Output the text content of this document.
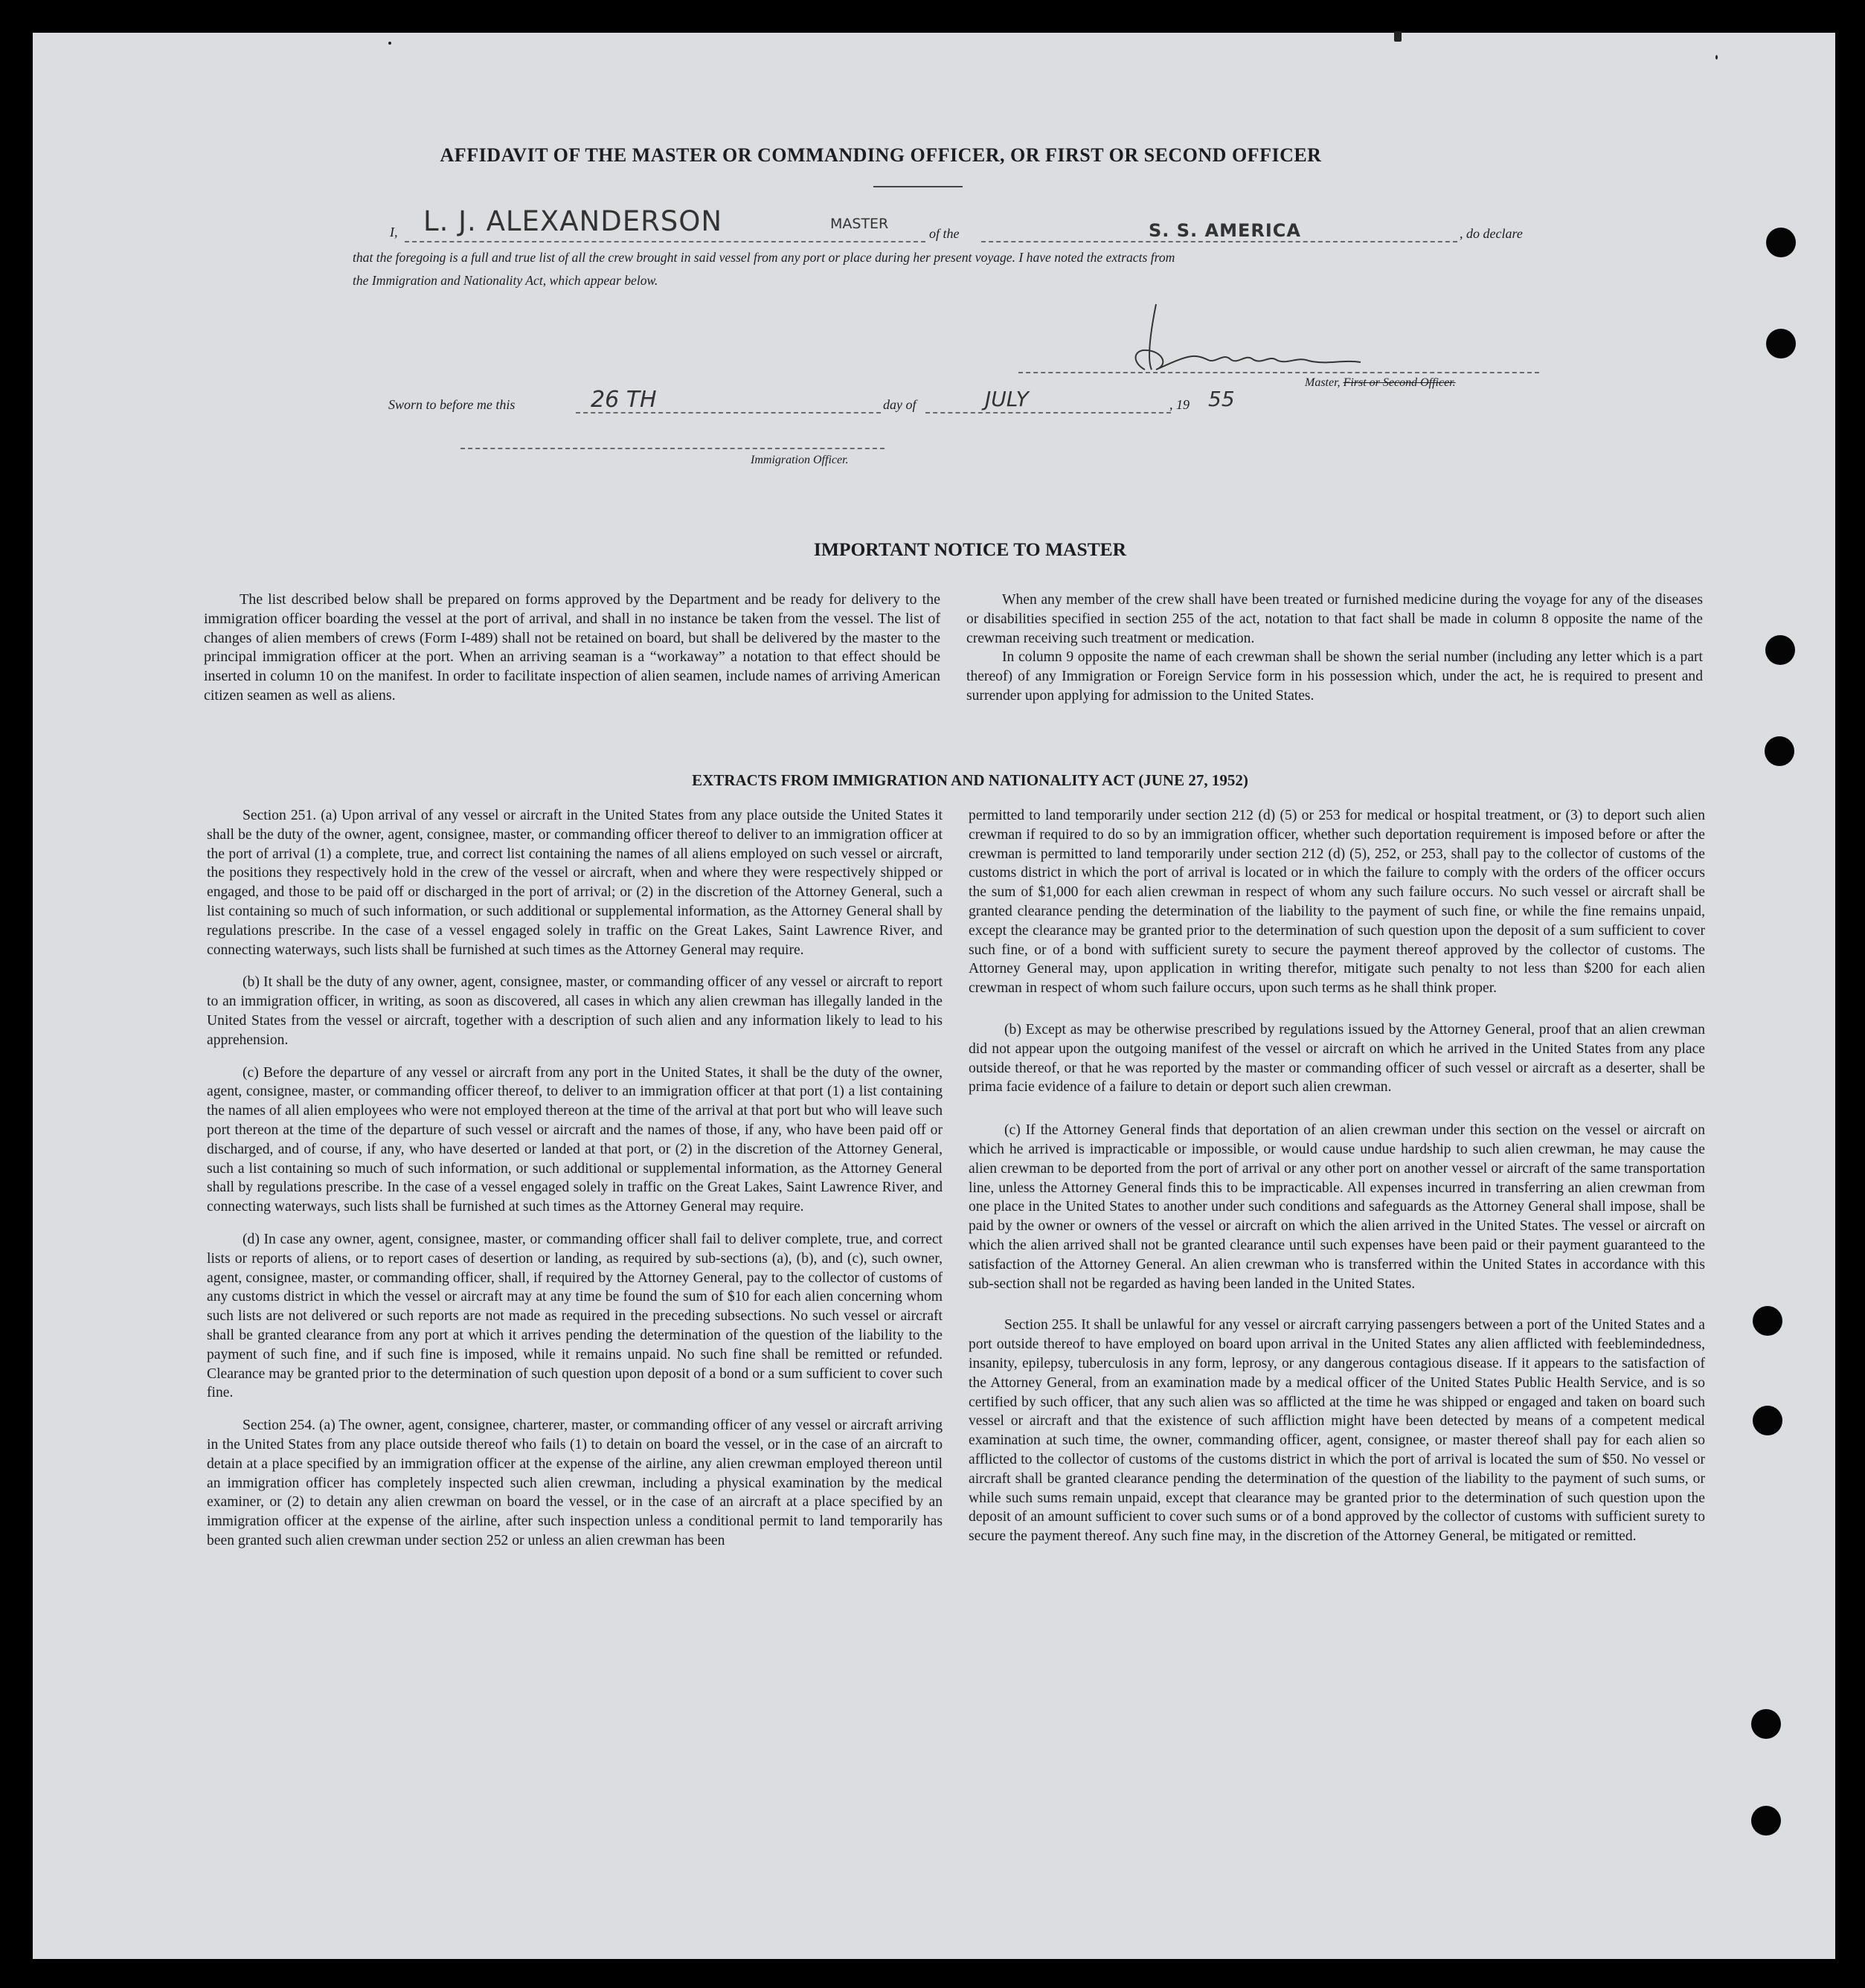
AFFIDAVIT OF THE MASTER OR COMMANDING OFFICER, OR FIRST OR SECOND OFFICER
I, L. J. ALEXANDERSON	MASTER
of the	S. S. AMERICA	, do declare
that the foregoing is a full and true list of all the crew brought in said vessel from any port or place during her present voyage. I have noted the extracts from
the Immigration and Nationality Act, which appear below.
Master, First or Second Officer.
Sworn to before me this	26 TH	day of	JULY	, 19 55
Immigration Officer.
IMPORTANT NOTICE TO MASTER

The list described below shall be prepared on forms approved by the Department and be ready for delivery to the immigration officer boarding the vessel at the port of arrival, and shall in no instance be taken from the vessel. The list of changes of alien members of crews (Form I-489) shall not be retained on board, but shall be delivered by the master to the principal immigration officer at the port. When an arriving seaman is a “workaway” a notation to that effect should be inserted in column 10 on the manifest. In order to facilitate inspection of alien seamen, include names of arriving American citizen seamen as well as aliens.

When any member of the crew shall have been treated or furnished medicine during the voyage for any of the diseases or disabilities specified in section 255 of the act, notation to that fact shall be made in column 8 opposite the name of the crewman receiving such treatment or medication.

In column 9 opposite the name of each crewman shall be shown the serial number (including any letter which is a part thereof) of any Immigration or Foreign Service form in his possession which, under the act, he is required to present and surrender upon applying for admission to the United States.

EXTRACTS FROM IMMIGRATION AND NATIONALITY ACT (JUNE 27, 1952)

Section 251. (a) Upon arrival of any vessel or aircraft in the United States from any place outside the United States it shall be the duty of the owner, agent, consignee, master, or commanding officer thereof to deliver to an immigration officer at the port of arrival (1) a complete, true, and correct list containing the names of all aliens employed on such vessel or aircraft, the positions they respectively hold in the crew of the vessel or aircraft, when and where they were respectively shipped or engaged, and those to be paid off or discharged in the port of arrival; or (2) in the discretion of the Attorney General, such a list containing so much of such information, or such additional or supplemental information, as the Attorney General shall by regulations prescribe. In the case of a vessel engaged solely in traffic on the Great Lakes, Saint Lawrence River, and connecting waterways, such lists shall be furnished at such times as the Attorney General may require.

(b) It shall be the duty of any owner, agent, consignee, master, or commanding officer of any vessel or aircraft to report to an immigration officer, in writing, as soon as discovered, all cases in which any alien crewman has illegally landed in the United States from the vessel or aircraft, together with a description of such alien and any information likely to lead to his apprehension.

(c) Before the departure of any vessel or aircraft from any port in the United States, it shall be the duty of the owner, agent, consignee, master, or commanding officer thereof, to deliver to an immigration officer at that port (1) a list containing the names of all alien employees who were not employed thereon at the time of the arrival at that port but who will leave such port thereon at the time of the departure of such vessel or aircraft and the names of those, if any, who have been paid off or discharged, and of course, if any, who have deserted or landed at that port, or (2) in the discretion of the Attorney General, such a list containing so much of such information, or such additional or supplemental information, as the Attorney General shall by regulations prescribe. In the case of a vessel engaged solely in traffic on the Great Lakes, Saint Lawrence River, and connecting waterways, such lists shall be furnished at such times as the Attorney General may require.

(d) In case any owner, agent, consignee, master, or commanding officer shall fail to deliver complete, true, and correct lists or reports of aliens, or to report cases of desertion or landing, as required by sub-sections (a), (b), and (c), such owner, agent, consignee, master, or commanding officer, shall, if required by the Attorney General, pay to the collector of customs of any customs district in which the vessel or aircraft may at any time be found the sum of $10 for each alien concerning whom such lists are not delivered or such reports are not made as required in the preceding subsections. No such vessel or aircraft shall be granted clearance from any port at which it arrives pending the determination of the question of the liability to the payment of such fine, and if such fine is imposed, while it remains unpaid. No such fine shall be remitted or refunded. Clearance may be granted prior to the determination of such question upon deposit of a bond or a sum sufficient to cover such fine.

Section 254. (a) The owner, agent, consignee, charterer, master, or commanding officer of any vessel or aircraft arriving in the United States from any place outside thereof who fails (1) to detain on board the vessel, or in the case of an aircraft to detain at a place specified by an immigration officer at the expense of the airline, any alien crewman employed thereon until an immigration officer has completely inspected such alien crewman, including a physical examination by the medical examiner, or (2) to detain any alien crewman on board the vessel, or in the case of an aircraft at a place specified by an immigration officer at the expense of the airline, after such inspection unless a conditional permit to land temporarily has been granted such alien crewman under section 252 or unless an alien crewman has been

permitted to land temporarily under section 212 (d) (5) or 253 for medical or hospital treatment, or (3) to deport such alien crewman if required to do so by an immigration officer, whether such deportation requirement is imposed before or after the crewman is permitted to land temporarily under section 212 (d) (5), 252, or 253, shall pay to the collector of customs of the customs district in which the port of arrival is located or in which the failure to comply with the orders of the officer occurs the sum of $1,000 for each alien crewman in respect of whom any such failure occurs. No such vessel or aircraft shall be granted clearance pending the determination of the liability to the payment of such fine, or while the fine remains unpaid, except the clearance may be granted prior to the determination of such question upon the deposit of a sum sufficient to cover such fine, or of a bond with sufficient surety to secure the payment thereof approved by the collector of customs. The Attorney General may, upon application in writing therefor, mitigate such penalty to not less than $200 for each alien crewman in respect of whom such failure occurs, upon such terms as he shall think proper.

(b) Except as may be otherwise prescribed by regulations issued by the Attorney General, proof that an alien crewman did not appear upon the outgoing manifest of the vessel or aircraft on which he arrived in the United States from any place outside thereof, or that he was reported by the master or commanding officer of such vessel or aircraft as a deserter, shall be prima facie evidence of a failure to detain or deport such alien crewman.

(c) If the Attorney General finds that deportation of an alien crewman under this section on the vessel or aircraft on which he arrived is impracticable or impossible, or would cause undue hardship to such alien crewman, he may cause the alien crewman to be deported from the port of arrival or any other port on another vessel or aircraft of the same transportation line, unless the Attorney General finds this to be impracticable. All expenses incurred in transferring an alien crewman from one place in the United States to another under such conditions and safeguards as the Attorney General shall impose, shall be paid by the owner or owners of the vessel or aircraft on which the alien arrived in the United States. The vessel or aircraft on which the alien arrived shall not be granted clearance until such expenses have been paid or their payment guaranteed to the satisfaction of the Attorney General. An alien crewman who is transferred within the United States in accordance with this sub-section shall not be regarded as having been landed in the United States.

Section 255. It shall be unlawful for any vessel or aircraft carrying passengers between a port of the United States and a port outside thereof to have employed on board upon arrival in the United States any alien afflicted with feeblemindedness, insanity, epilepsy, tuberculosis in any form, leprosy, or any dangerous contagious disease. If it appears to the satisfaction of the Attorney General, from an examination made by a medical officer of the United States Public Health Service, and is so certified by such officer, that any such alien was so afflicted at the time he was shipped or engaged and taken on board such vessel or aircraft and that the existence of such affliction might have been detected by means of a competent medical examination at such time, the owner, commanding officer, agent, consignee, or master thereof shall pay for each alien so afflicted to the collector of customs of the customs district in which the port of arrival is located the sum of $50. No vessel or aircraft shall be granted clearance pending the determination of the question of the liability to the payment of such sums, or while such sums remain unpaid, except that clearance may be granted prior to the determination of such question upon the deposit of an amount sufficient to cover such sums or of a bond approved by the collector of customs with sufficient surety to secure the payment thereof. Any such fine may, in the discretion of the Attorney General, be mitigated or remitted.
